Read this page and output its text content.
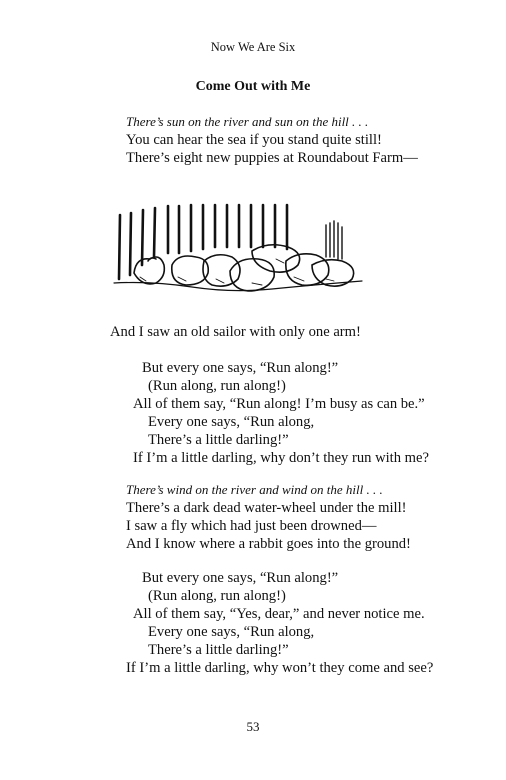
Now We Are Six
Come Out with Me
There’s sun on the river and sun on the hill . . .
You can hear the sea if you stand quite still!
There’s eight new puppies at Roundabout Farm—
And I saw an old sailor with only one arm!
But every one says, “Run along!”
(Run along, run along!)
All of them say, “Run along! I’m busy as can be.”
Every one says, “Run along,
There’s a little darling!”
If I’m a little darling, why don’t they run with me?
There’s wind on the river and wind on the hill . . .
There’s a dark dead water-wheel under the mill!
I saw a fly which had just been drowned—
And I know where a rabbit goes into the ground!
But every one says, “Run along!”
(Run along, run along!)
All of them say, “Yes, dear,” and never notice me.
Every one says, “Run along,
There’s a little darling!”
If I’m a little darling, why won’t they come and see?
53
